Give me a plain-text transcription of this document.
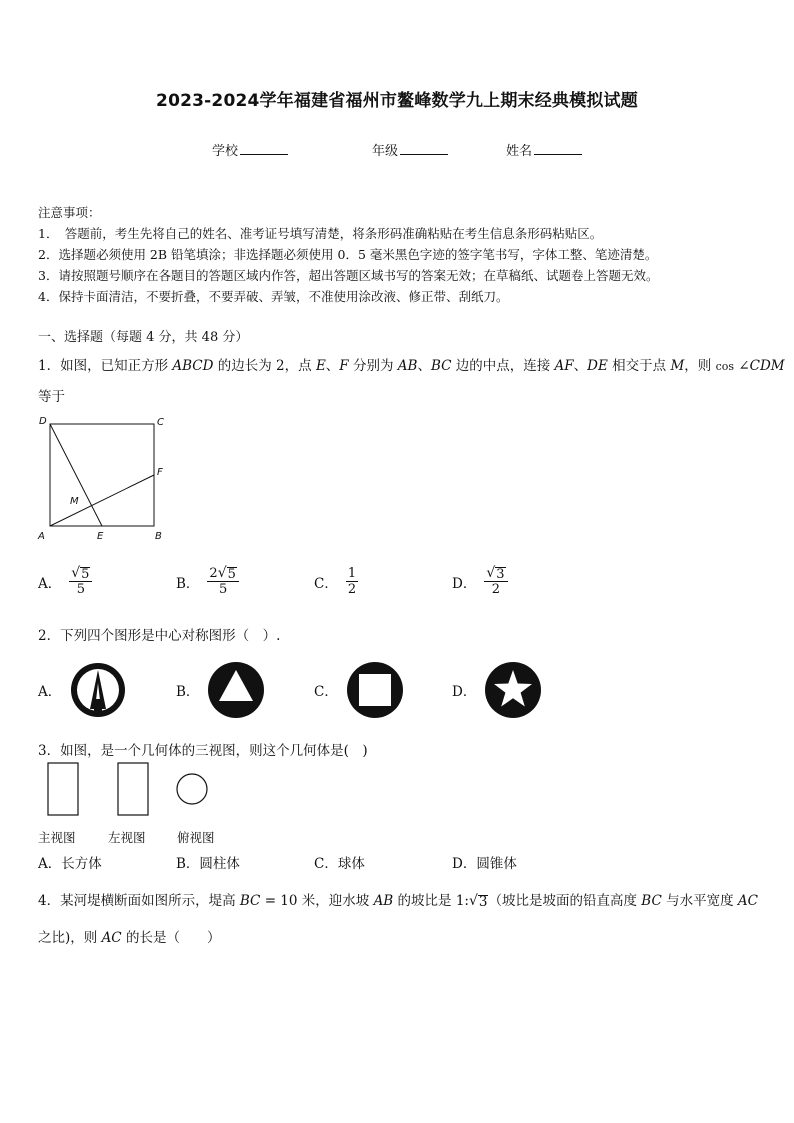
2023-2024学年福建省福州市鳌峰数学九上期末经典模拟试题
学校	年级	姓名

注意事项：

1．　答题前，考生先将自己的姓名、准考证号填写清楚，将条形码准确粘贴在考生信息条形码粘贴区。

2．选择题必须使用 2B 铅笔填涂；非选择题必须使用 0．5 毫米黑色字迹的签字笔书写，字体工整、笔迹清楚。

3．请按照题号顺序在各题目的答题区域内作答，超出答题区域书写的答案无效；在草稿纸、试题卷上答题无效。

4．保持卡面清洁，不要折叠，不要弄破、弄皱，不准使用涂改液、修正带、刮纸刀。

一、选择题（每题 4 分，共 48 分）
1．如图，已知正方形 ABCD 的边长为 2，点 E、F 分别为 AB、BC 边的中点，连接 AF、DE 相交于点 M，则 cos ∠CDM
等于
D	C
F
M
A	E	B
A． $\frac{√ 5}{5}$	B． $\frac{2 √ 5}{5}$	C． $\frac{1}{2}$	D． $\frac{√ 3}{2}$
2．下列四个图形是中心对称图形（　）.
A．	B．	C．	D．
3．如图，是一个几何体的三视图，则这个几何体是(　)
主视图	左视图	俯视图
A．长方体	B．圆柱体	C．球体	D．圆锥体
4．某河堤横断面如图所示，堤高 BC = 10 米，迎水坡 AB 的坡比是 1: √ 3 （坡比是坡面的铅直高度 BC 与水平宽度 AC
之比)，则 AC 的长是（　　）
